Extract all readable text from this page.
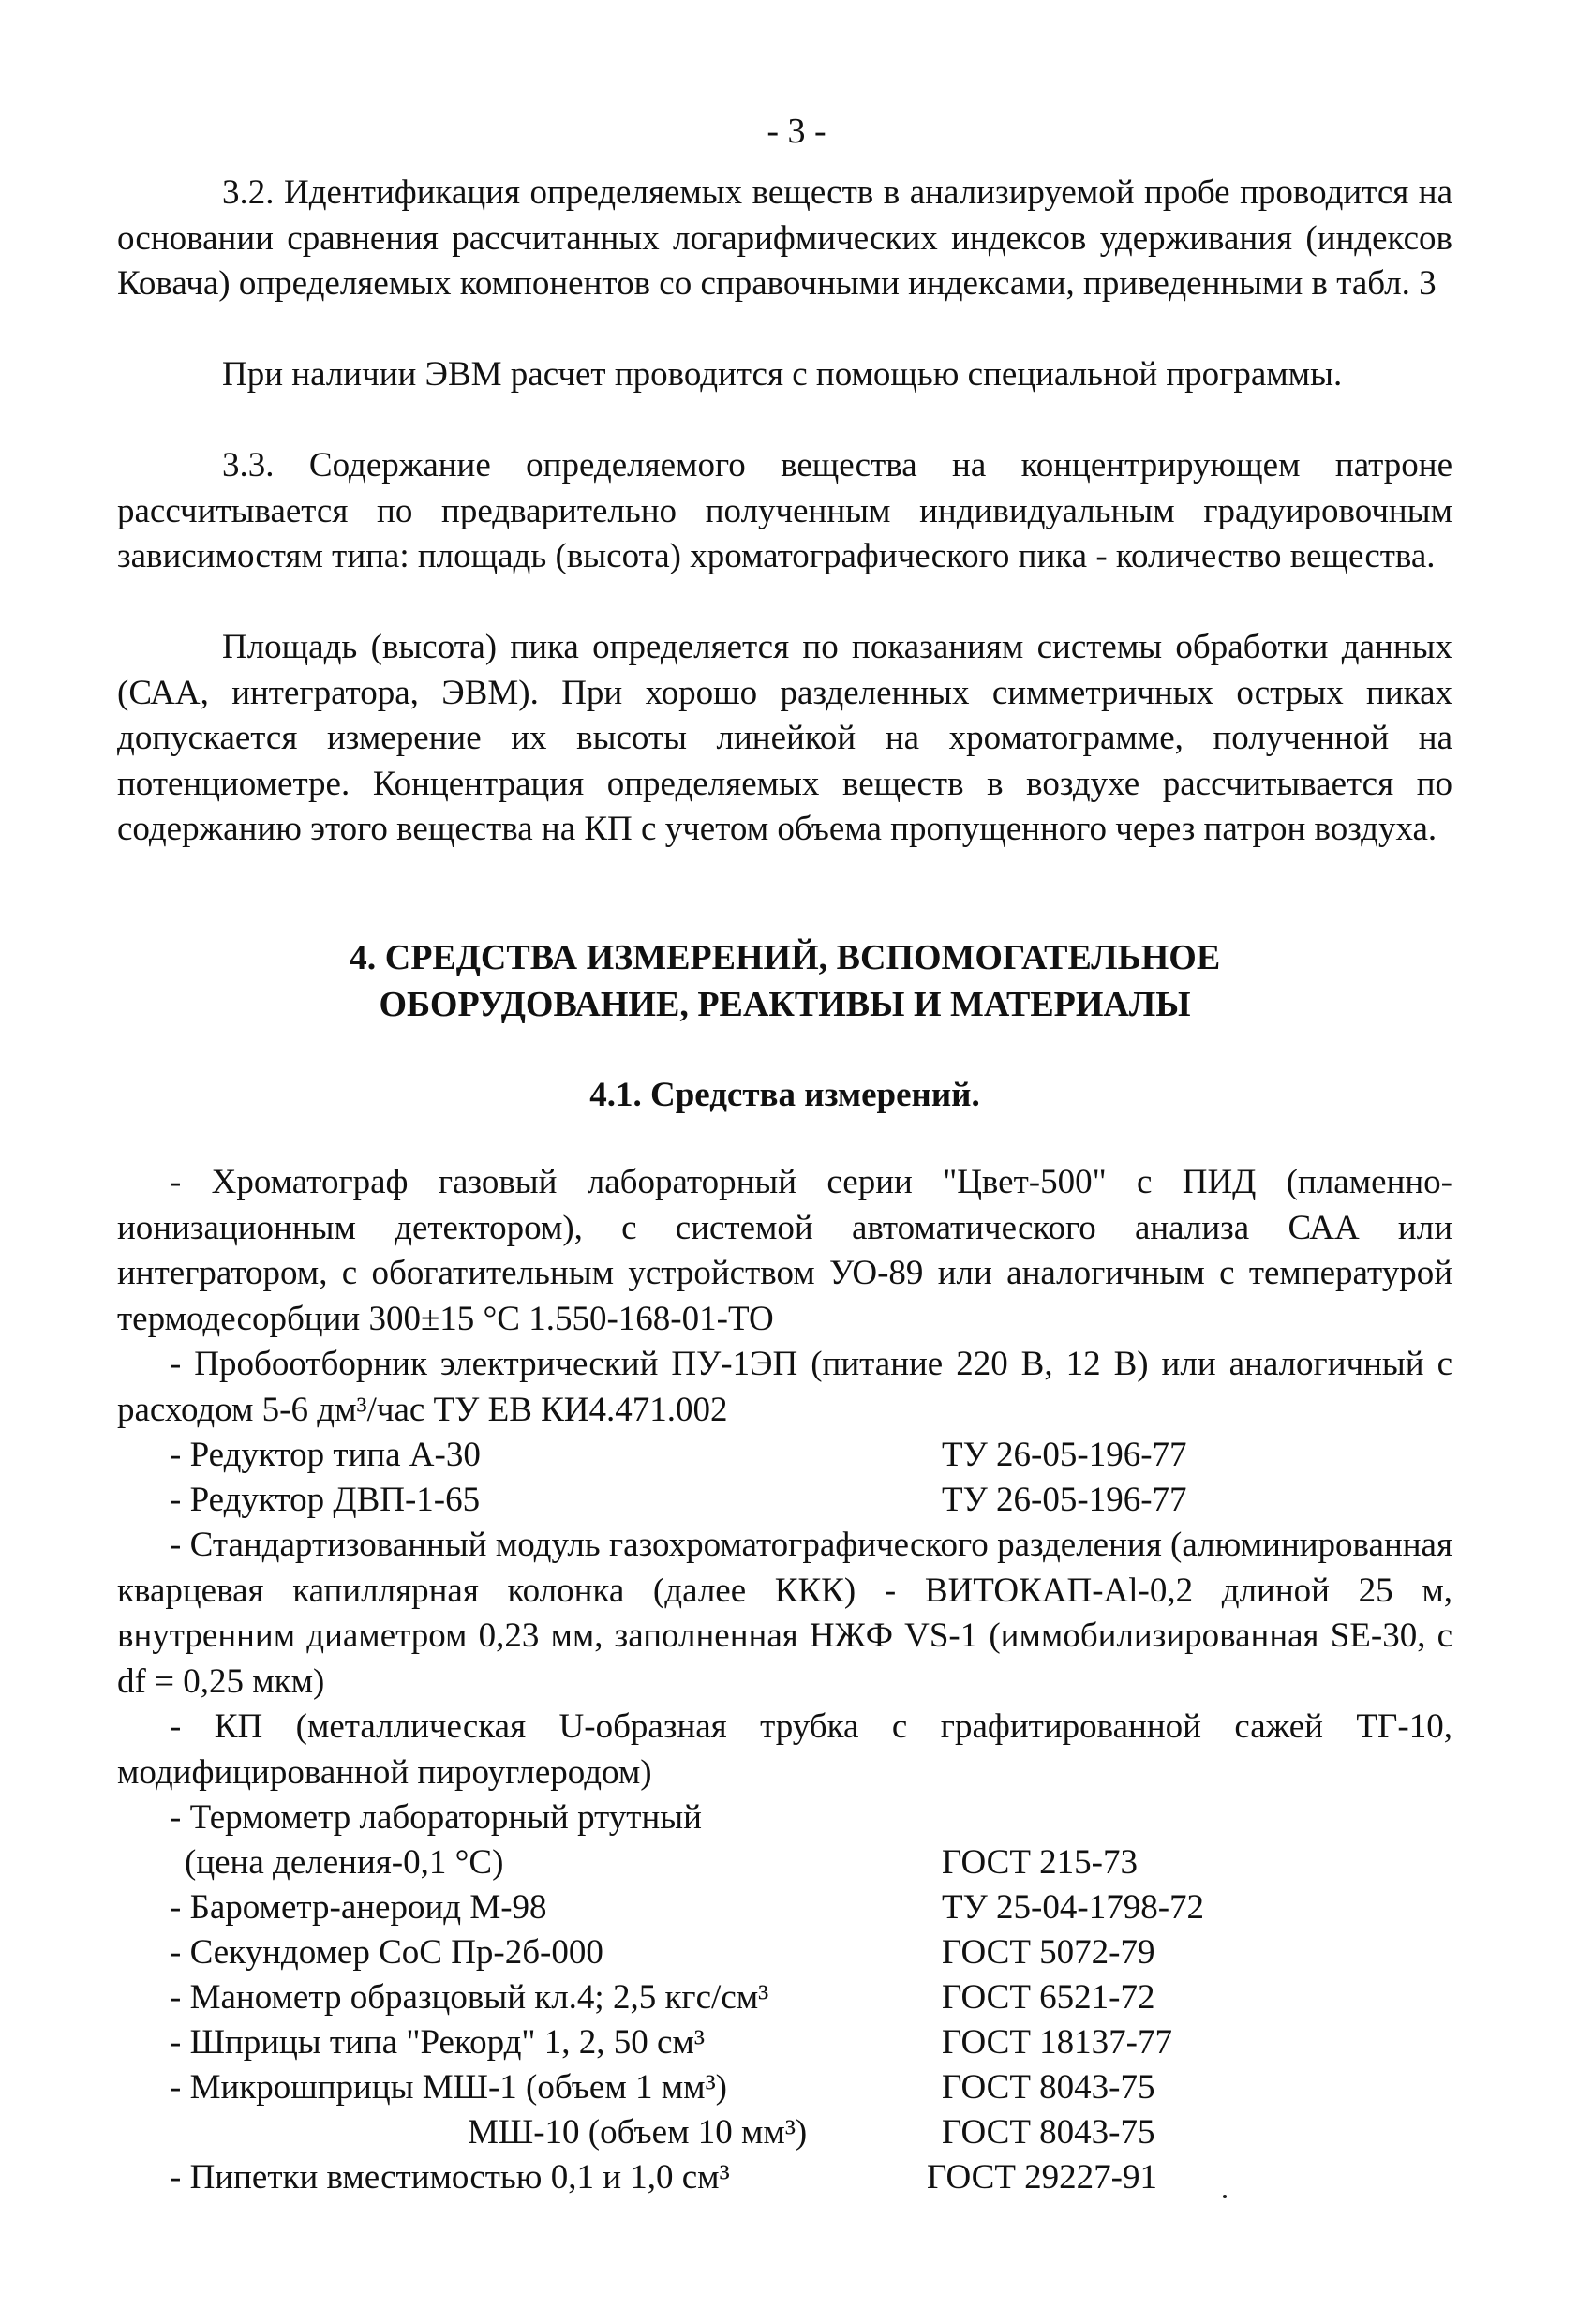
- 3 -

3.2. Идентификация определяемых веществ в анализируемой пробе проводится на основании сравнения рассчитанных логарифмических индексов удерживания (индексов Ковача) определяемых компонентов со справочными индексами, приведенными в табл. 3

При наличии ЭВМ расчет проводится с помощью специальной программы.

3.3. Содержание определяемого вещества на концентрирующем патроне рассчитывается по предварительно полученным индивидуальным градуировочным зависимостям типа: площадь (высота) хроматографического пика - количество вещества.

Площадь (высота) пика определяется по показаниям системы обработки данных (САА, интегратора, ЭВМ). При хорошо разделенных симметричных острых пиках допускается измерение их высоты линейкой на хроматограмме, полученной на потенциометре. Концентрация определяемых веществ в воздухе рассчитывается по содержанию этого вещества на КП с учетом объема пропущенного через патрон воздуха.

4. СРЕДСТВА ИЗМЕРЕНИЙ, ВСПОМОГАТЕЛЬНОЕ

ОБОРУДОВАНИЕ, РЕАКТИВЫ И МАТЕРИАЛЫ

4.1. Средства измерений.

- Хроматограф газовый лабораторный серии "Цвет-500" с ПИД (пламенно-ионизационным детектором), с системой автоматического анализа САА или интегратором, с обогатительным устройством УО-89 или аналогичным с температурой термодесорбции 300±15 °С 1.550-168-01-ТО

- Пробоотборник электрический ПУ-1ЭП (питание 220 В, 12 В) или аналогичный с расходом 5-6 дм³/час ТУ ЕВ КИ4.471.002

- Редуктор типа А-30	ТУ 26-05-196-77
- Редуктор ДВП-1-65	ТУ 26-05-196-77

- Стандартизованный модуль газохроматографического разделения (алюминированная кварцевая капиллярная колонка (далее ККК) - ВИТОКАП-Al-0,2 длиной 25 м, внутренним диаметром 0,23 мм, заполненная НЖФ VS-1 (иммобилизированная SE-30, с df = 0,25 мкм)

- КП (металлическая U-образная трубка с графитированной сажей ТГ-10, модифицированной пироуглеродом)

- Термометр лабораторный ртутный
(цена деления-0,1 °С)	ГОСТ 215-73
- Барометр-анероид М-98	ТУ 25-04-1798-72
- Секундомер СоС Пр-2б-000	ГОСТ 5072-79
- Манометр образцовый кл.4; 2,5 кгс/см³	ГОСТ 6521-72
- Шприцы типа "Рекорд" 1, 2, 50 см³	ГОСТ 18137-77
- Микрошприцы МШ-1 (объем 1 мм³)	ГОСТ 8043-75
МШ-10 (объем 10 мм³)	ГОСТ 8043-75
- Пипетки вместимостью 0,1 и 1,0 см³	ГОСТ 29227-91
